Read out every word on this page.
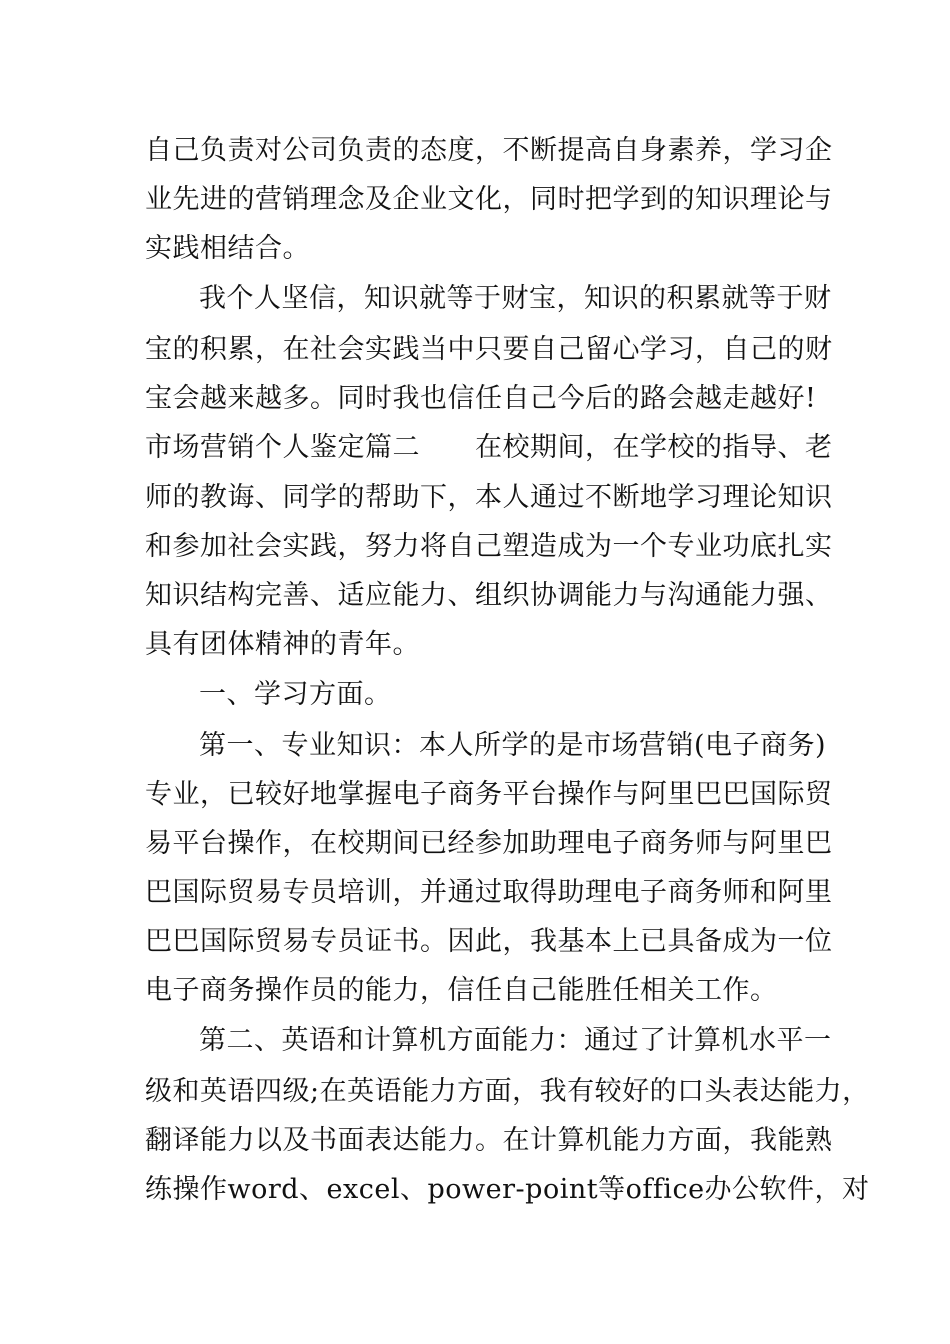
自己负责对公司负责的态度，不断提高自身素养，学习企
业先进的营销理念及企业文化，同时把学到的知识理论与
实践相结合。
我个人坚信，知识就等于财宝，知识的积累就等于财
宝的积累，在社会实践当中只要自己留心学习，自己的财
宝会越来越多。同时我也信任自己今后的路会越走越好!
市场营销个人鉴定篇二　　在校期间，在学校的指导、老
师的教诲、同学的帮助下，本人通过不断地学习理论知识
和参加社会实践，努力将自己塑造成为一个专业功底扎实
知识结构完善、适应能力、组织协调能力与沟通能力强、
具有团体精神的青年。
一、学习方面。
第一、专业知识：本人所学的是市场营销(电子商务)
专业，已较好地掌握电子商务平台操作与阿里巴巴国际贸
易平台操作，在校期间已经参加助理电子商务师与阿里巴
巴国际贸易专员培训，并通过取得助理电子商务师和阿里
巴巴国际贸易专员证书。因此，我基本上已具备成为一位
电子商务操作员的能力，信任自己能胜任相关工作。
第二、英语和计算机方面能力：通过了计算机水平一
级和英语四级;在英语能力方面，我有较好的口头表达能力，
翻译能力以及书面表达能力。在计算机能力方面，我能熟
练操作word、excel、power-point等office办公软件，对
